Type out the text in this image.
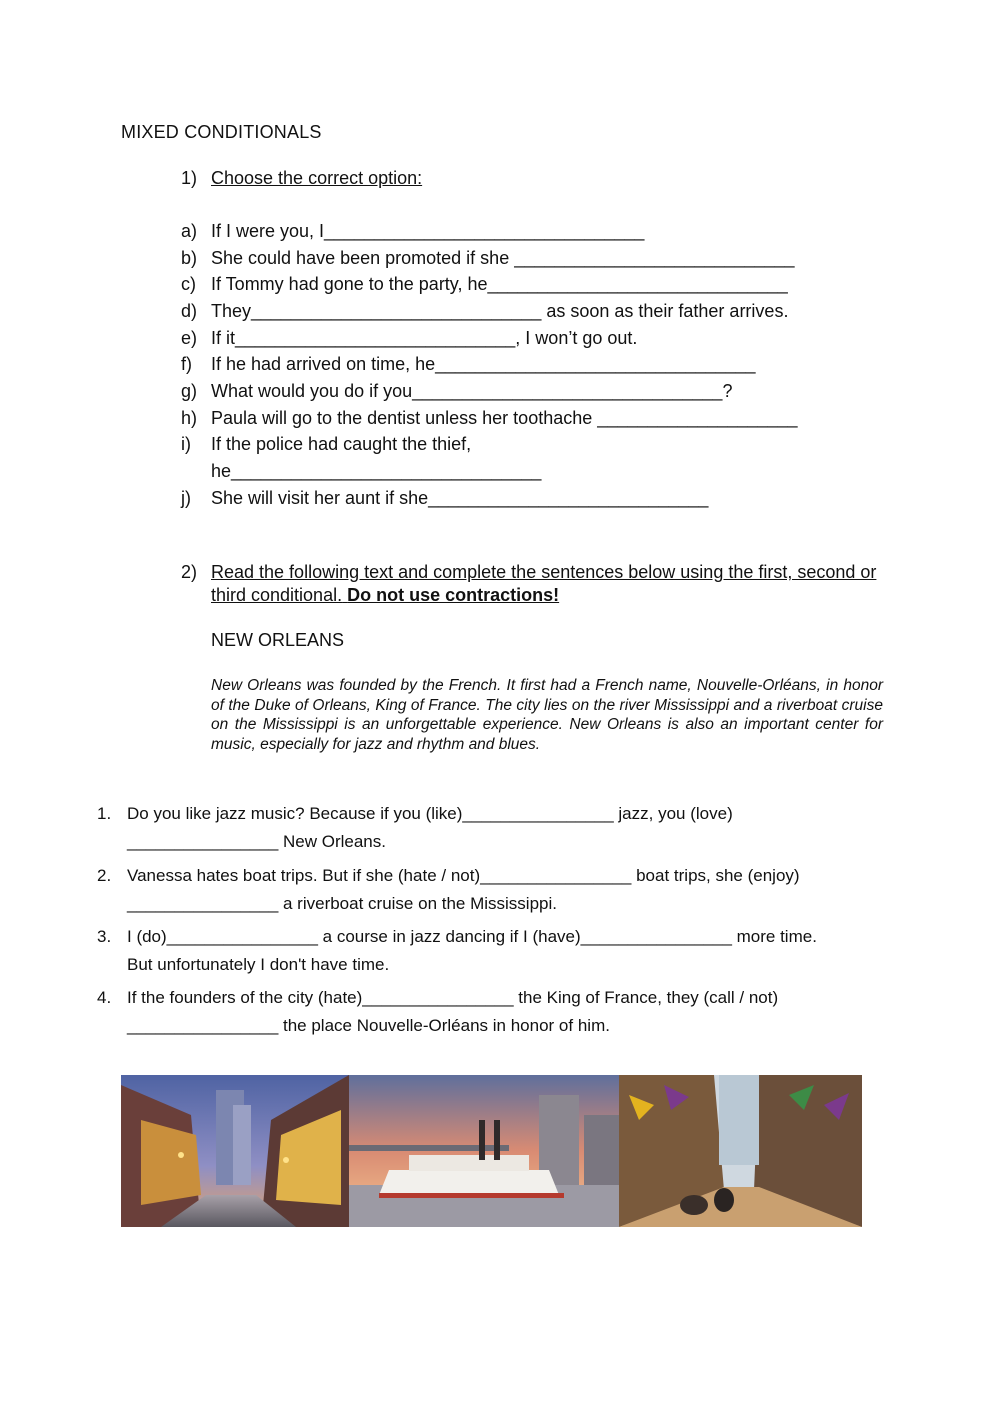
MIXED CONDITIONALS
1) Choose the correct option:
a) If I were you, I________________________________
b) She could have been promoted if she ____________________________
c) If Tommy had gone to the party, he______________________________
d) They_____________________________ as soon as their father arrives.
e) If it____________________________, I won’t go out.
f) If he had arrived on time, he________________________________
g) What would you do if you_______________________________?
h) Paula will go to the dentist unless her toothache ____________________
i) If the police had caught the thief,
he_______________________________
j) She will visit her aunt if she____________________________
2) Read the following text and complete the sentences below using the first, second or third conditional. Do not use contractions!
NEW ORLEANS
New Orleans was founded by the French. It first had a French name, Nouvelle-Orléans, in honor of the Duke of Orleans, King of France. The city lies on the river Mississippi and a riverboat cruise on the Mississippi is an unforgettable experience. New Orleans is also an important center for music, especially for jazz and rhythm and blues.
1. Do you like jazz music? Because if you (like)________________ jazz, you (love)
________________ New Orleans.
2. Vanessa hates boat trips. But if she (hate / not)________________ boat trips, she (enjoy)
________________ a riverboat cruise on the Mississippi.
3. I (do)________________ a course in jazz dancing if I (have)________________ more time.
But unfortunately I don't have time.
4. If the founders of the city (hate)________________ the King of France, they (call / not)
________________ the place Nouvelle-Orléans in honor of him.
